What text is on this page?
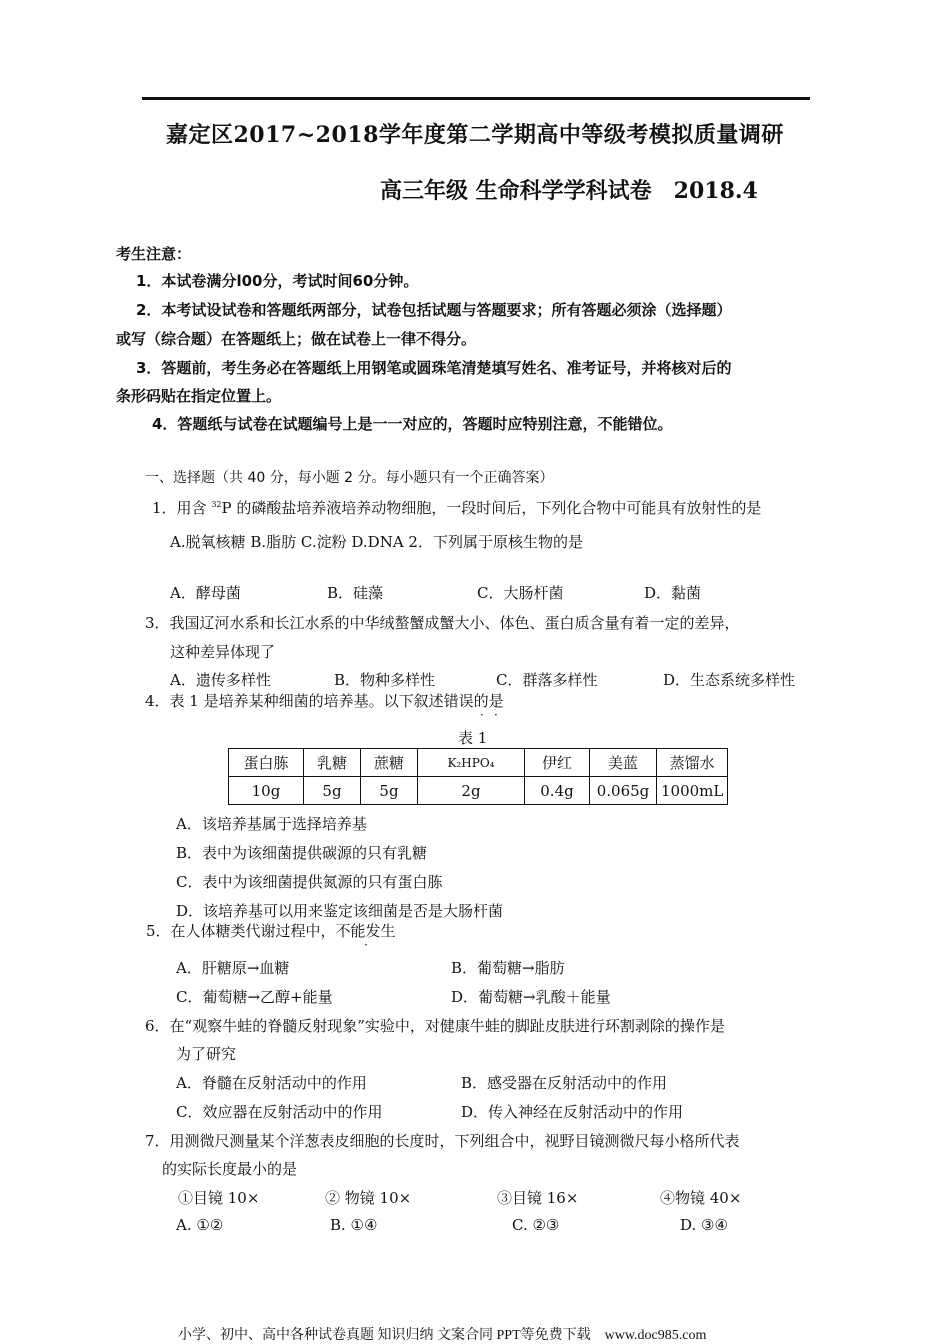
嘉定区2017~2018学年度第二学期高中等级考模拟质量调研
高三年级 生命科学学科试卷　2018.4
考生注意：
1．本试卷满分l00分，考试时间60分钟。
2．本考试设试卷和答题纸两部分，试卷包括试题与答题要求；所有答题必须涂（选择题）
或写（综合题）在答题纸上；做在试卷上一律不得分。
3．答题前，考生务必在答题纸上用钢笔或圆珠笔清楚填写姓名、准考证号，并将核对后的
条形码贴在指定位置上。
4．答题纸与试卷在试题编号上是一一对应的，答题时应特别注意，不能错位。
一、选择题（共 40 分，每小题 2 分。每小题只有一个正确答案）
1．用含 $^{32}$P 的磷酸盐培养液培养动物细胞，一段时间后，下列化合物中可能具有放射性的是
A.脱氧核糖 B.脂肪 C.淀粉 D.DNA 2．下列属于原核生物的是
A．酵母菌	B．硅藻	C．大肠杆菌	D．黏菌
3．我国辽河水系和长江水系的中华绒螯蟹成蟹大小、体色、蛋白质含量有着一定的差异，
这种差异体现了
A．遗传多样性	B．物种多样性	C．群落多样性	D．生态系统多样性
4．表 1 是培养某种细菌的培养基。以下叙述错误的是
· ·
表 1
蛋白胨	乳糖	蔗糖	K₂HPO₄	伊红	美蓝	蒸馏水
10g	5g	5g	2g	0.4g	0.065g	1000mL
A．该培养基属于选择培养基
B．表中为该细菌提供碳源的只有乳糖
C．表中为该细菌提供氮源的只有蛋白胨
D．该培养基可以用来鉴定该细菌是否是大肠杆菌
5．在人体糖类代谢过程中，不能发生
·
A．肝糖原→血糖	B．葡萄糖→脂肪
C．葡萄糖→乙醇+能量	D．葡萄糖→乳酸＋能量
6．在“观察牛蛙的脊髓反射现象”实验中，对健康牛蛙的脚趾皮肤进行环割剥除的操作是
为了研究
A．脊髓在反射活动中的作用	B．感受器在反射活动中的作用
C．效应器在反射活动中的作用	D．传入神经在反射活动中的作用
7．用测微尺测量某个洋葱表皮细胞的长度时，下列组合中，视野目镜测微尺每小格所代表
的实际长度最小的是
①目镜 10×	② 物镜 10×	③目镜 16×	④物镜 40×
A. ①②	B. ①④	C. ②③	D. ③④
小学、初中、高中各种试卷真题 知识归纳 文案合同 PPT等免费下载　www.doc985.com
